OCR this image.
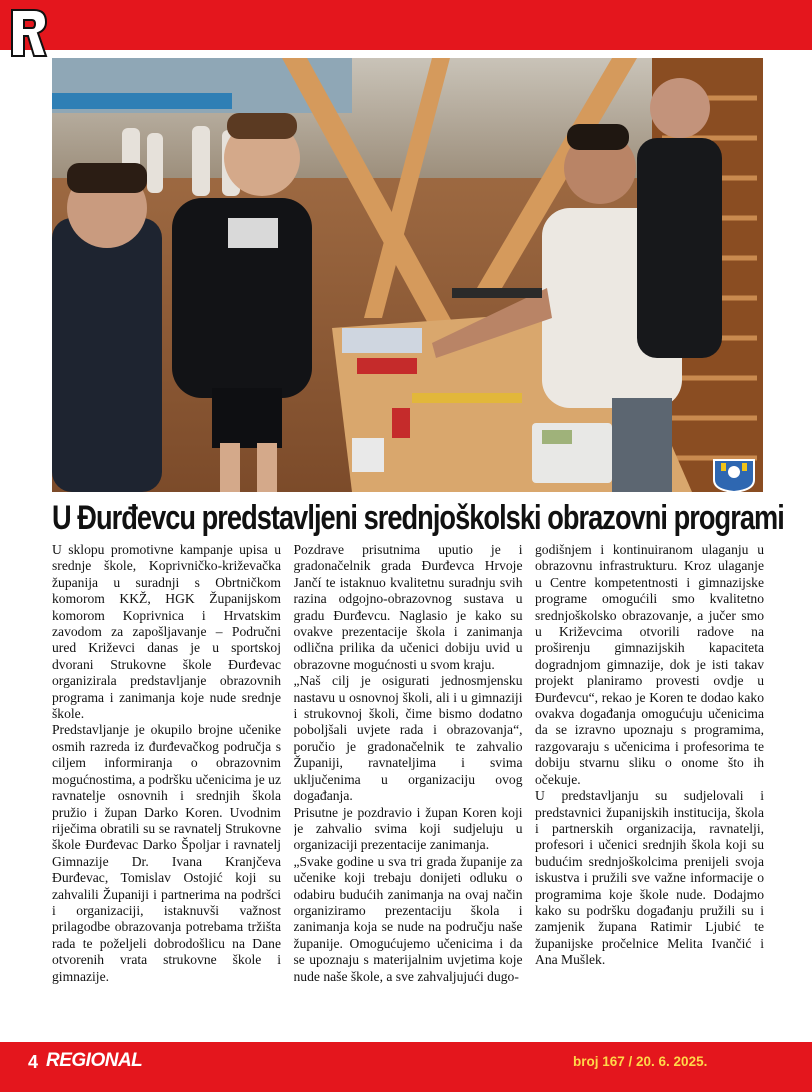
U Đurđevcu predstavljeni srednjoškolski obrazovni programi

U sklopu promotivne kampanje upisa u srednje škole, Koprivničko-križevačka županija u suradnji s Obrtničkom komorom KKŽ, HGK Županijskom komorom Koprivnica i Hrvatskim zavodom za zapošljavanje – Područni ured Križevci danas je u sportskoj dvorani Strukovne škole Đurđevac organizirala predstavljanje obrazovnih programa i zanimanja koje nude srednje škole.

Predstavljanje je okupilo brojne učenike osmih razreda iz đurđevačkog područja s ciljem informiranja o obrazovnim mogućnostima, a podršku učenicima je uz ravnatelje osnovnih i srednjih škola pružio i župan Darko Koren. Uvodnim riječima obratili su se ravnatelj Strukovne škole Đurđevac Darko Špoljar i ravnatelj Gimnazije Dr. Ivana Kranjčeva Đurđevac, Tomislav Ostojić koji su zahvalili Županiji i partnerima na podršci i organizaciji, istaknuvši važnost prilagodbe obrazovanja potrebama tržišta rada te poželjeli dobrodošlicu na Dane otvorenih vrata strukovne škole i gimnazije.

Pozdrave prisutnima uputio je i gradonačelnik grada Đurđevca Hrvoje Jančí te istaknuo kvalitetnu suradnju svih razina odgojno-obrazovnog sustava u gradu Đurđevcu. Naglasio je kako su ovakve prezentacije škola i zanimanja odlična prilika da učenici dobiju uvid u obrazovne mogućnosti u svom kraju.

„Naš cilj je osigurati jednosmjensku nastavu u osnovnoj školi, ali i u gimnaziji i strukovnoj školi, čime bismo dodatno poboljšali uvjete rada i obrazovanja“, poručio je gradonačelnik te zahvalio Županiji, ravnateljima i svima uključenima u organizaciju ovog događanja.

Prisutne je pozdravio i župan Koren koji je zahvalio svima koji sudjeluju u organizaciji prezentacije zanimanja.

„Svake godine u sva tri grada županije za učenike koji trebaju donijeti odluku o odabiru budućih zanimanja na ovaj način organiziramo prezentaciju škola i zanimanja koja se nude na području naše županije. Omogućujemo učenicima i da se upoznaju s materijalnim uvjetima koje nude naše škole, a sve zahvaljujući dugo-

godišnjem i kontinuiranom ulaganju u obrazovnu infrastrukturu. Kroz ulaganje u Centre kompetentnosti i gimnazijske programe omogućili smo kvalitetno srednjoškolsko obrazovanje, a jučer smo u Križevcima otvorili radove na proširenju gimnazijskih kapaciteta dogradnjom gimnazije, dok je isti takav projekt planiramo provesti ovdje u Đurđevcu“, rekao je Koren te dodao kako ovakva događanja omogućuju učenicima da se izravno upoznaju s programima, razgovaraju s učenicima i profesorima te dobiju stvarnu sliku o onome što ih očekuje.

U predstavljanju su sudjelovali i predstavnici županijskih institucija, škola i partnerskih organizacija, ravnatelji, profesori i učenici srednjih škola koji su budućim srednjoškolcima prenijeli svoja iskustva i pružili sve važne informacije o programima koje škole nude. Dodajmo kako su podršku događanju pružili su i zamjenik župana Ratimir Ljubić te županijske pročelnice Melita Ivančić i Ana Mušlek.

4 REGIONAL	broj 167 / 20. 6. 2025.
